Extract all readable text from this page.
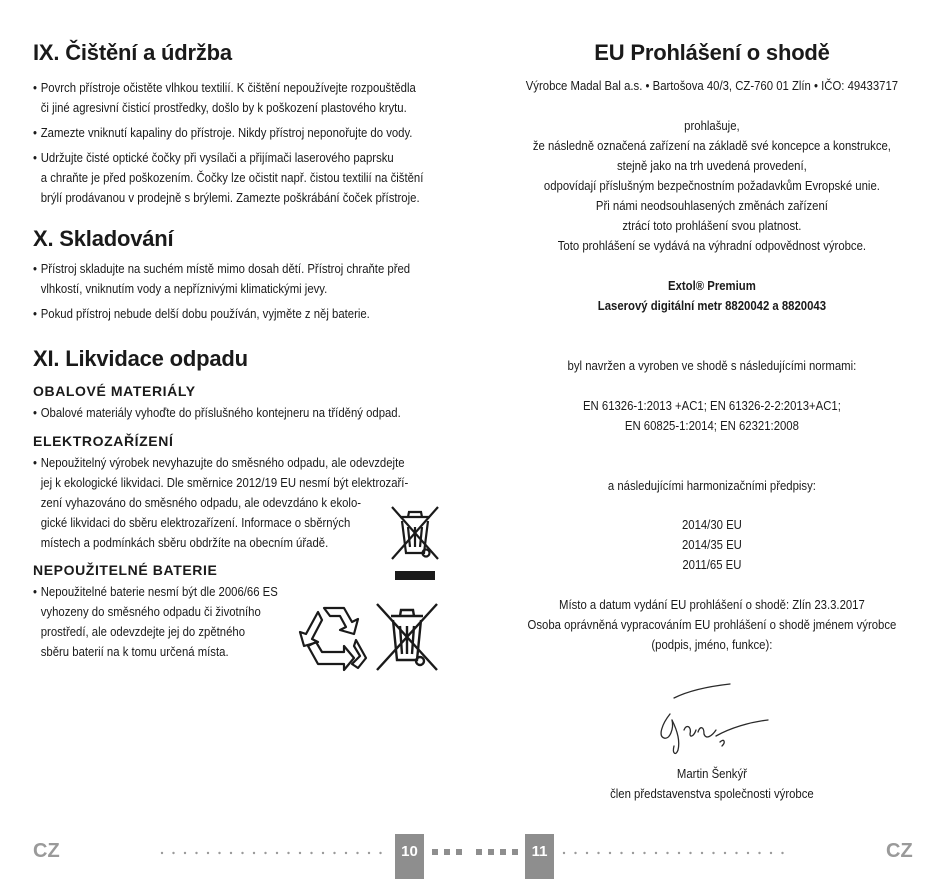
IX. Čištění a údržba
• Povrch přístroje očistěte vlhkou textilií. K čištění nepoužívejte rozpouštědla
či jiné agresivní čisticí prostředky, došlo by k poškození plastového krytu.
• Zamezte vniknutí kapaliny do přístroje. Nikdy přístroj neponořujte do vody.
• Udržujte čisté optické čočky při vysílači a přijímači laserového paprsku
a chraňte je před poškozením. Čočky lze očistit např. čistou textilií na čištění
brýlí prodávanou v prodejně s brýlemi. Zamezte poškrábání čoček přístroje.
X. Skladování
• Přístroj skladujte na suchém místě mimo dosah dětí. Přístroj chraňte před
vlhkostí, vniknutím vody a nepříznivými klimatickými jevy.
• Pokud přístroj nebude delší dobu používán, vyjměte z něj baterie.
XI. Likvidace odpadu
OBALOVÉ MATERIÁLY
• Obalové materiály vyhoďte do příslušného kontejneru na tříděný odpad.
ELEKTROZAŘÍZENÍ
• Nepoužitelný výrobek nevyhazujte do směsného odpadu, ale odevzdejte
jej k ekologické likvidaci. Dle směrnice 2012/19 EU nesmí být elektrozaří-
zení vyhazováno do směsného odpadu, ale odevzdáno k ekolo-
gické likvidaci do sběru elektrozařízení. Informace o sběrných
místech a podmínkách sběru obdržíte na obecním úřadě.
NEPOUŽITELNÉ BATERIE
• Nepoužitelné baterie nesmí být dle 2006/66 ES
vyhozeny do směsného odpadu či životního
prostředí, ale odevzdejte jej do zpětného
sběru baterií na k tomu určená místa.
EU Prohlášení o shodě
Výrobce Madal Bal a.s. • Bartošova 40/3, CZ-760 01 Zlín • IČO: 49433717
prohlašuje,
že následně označená zařízení na základě své koncepce a konstrukce,
stejně jako na trh uvedená provedení,
odpovídají příslušným bezpečnostním požadavkům Evropské unie.
Při námi neodsouhlasených změnách zařízení
ztrácí toto prohlášení svou platnost.
Toto prohlášení se vydává na výhradní odpovědnost výrobce.
Extol® Premium
Laserový digitální metr 8820042 a 8820043
byl navržen a vyroben ve shodě s následujícími normami:
EN 61326-1:2013 +AC1; EN 61326-2-2:2013+AC1;
EN 60825-1:2014; EN 62321:2008
a následujícími harmonizačními předpisy:
2014/30 EU
2014/35 EU
2011/65 EU
Místo a datum vydání EU prohlášení o shodě: Zlín 23.3.2017
Osoba oprávněná vypracováním EU prohlášení o shodě jménem výrobce
(podpis, jméno, funkce):
Martin Šenkýř
člen představenstva společnosti výrobce
CZ	CZ
10	11
